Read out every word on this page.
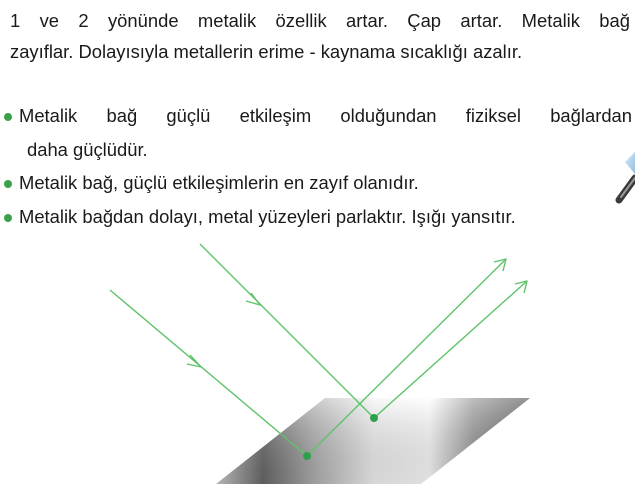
1 ve 2 yönünde metalik özellik artar. Çap artar. Metalik bağ
zayıflar. Dolayısıyla metallerin erime - kaynama sıcaklığı azalır.

Metalik bağ güçlü etkileşim olduğundan fiziksel bağlardan
daha güçlüdür.
Metalik bağ, güçlü etkileşimlerin en zayıf olanıdır.
Metalik bağdan dolayı, metal yüzeyleri parlaktır. Işığı yansıtır.
